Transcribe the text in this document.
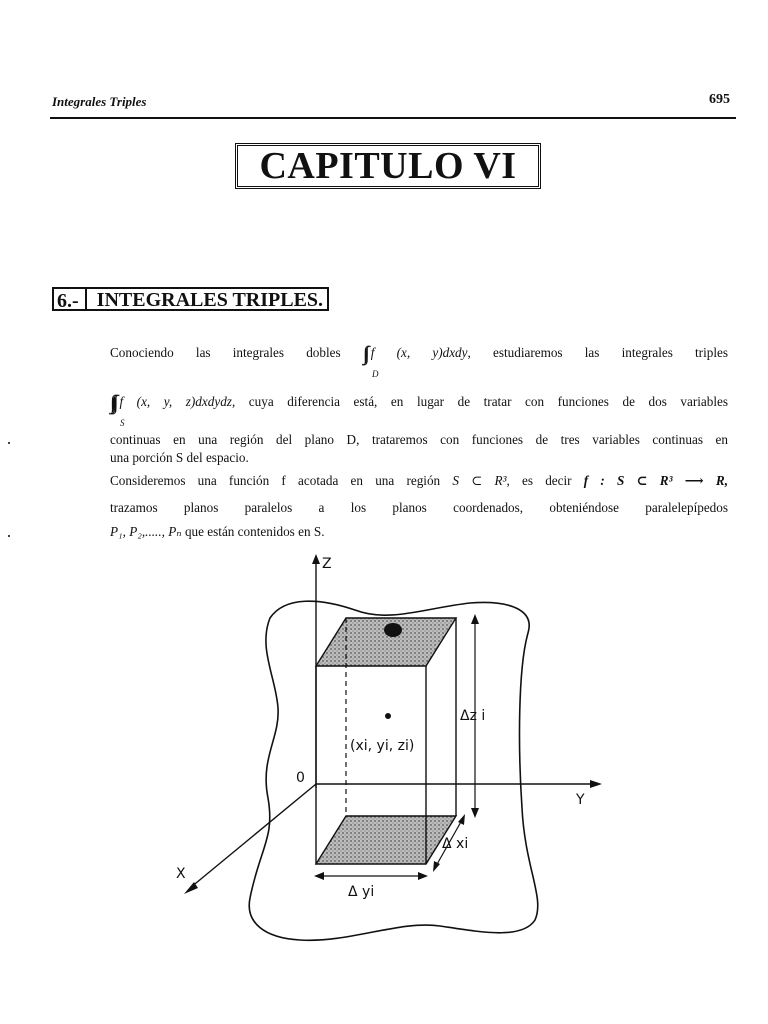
Integrales Triples	695
CAPITULO VI
6.- INTEGRALES TRIPLES.
Conociendo las integrales dobles ∫∫ f (x, y)dxdy, estudiaremos las integrales triples
D
∫∫∫ f (x, y, z)dxdydz, cuya diferencia está, en lugar de tratar con funciones de dos variables
S
continuas en una región del plano D, trataremos con funciones de tres variables continuas en
una porción S del espacio.
Consideremos una función f acotada en una región S ⊂ R³, es decir f : S ⊂ R³ ⟶ R,
trazamos planos paralelos a los planos coordenados, obteniéndose paralelepípedos
P₁, P₂,....., Pₙ que están contenidos en S.
Z
Y
X
0
(xi, yi, zi)
Δz i
Δ xi
Δ yi
